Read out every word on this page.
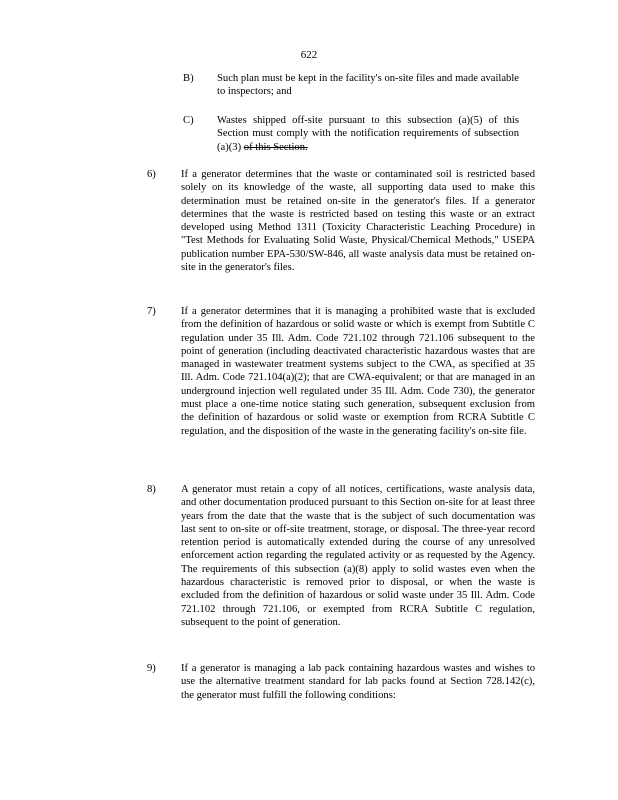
622
B) Such plan must be kept in the facility's on-site files and made available to inspectors; and
C) Wastes shipped off-site pursuant to this subsection (a)(5) of this Section must comply with the notification requirements of subsection (a)(3) of this Section.
6) If a generator determines that the waste or contaminated soil is restricted based solely on its knowledge of the waste, all supporting data used to make this determination must be retained on-site in the generator's files. If a generator determines that the waste is restricted based on testing this waste or an extract developed using Method 1311 (Toxicity Characteristic Leaching Procedure) in "Test Methods for Evaluating Solid Waste, Physical/Chemical Methods," USEPA publication number EPA-530/SW-846, all waste analysis data must be retained on-site in the generator's files.
7) If a generator determines that it is managing a prohibited waste that is excluded from the definition of hazardous or solid waste or which is exempt from Subtitle C regulation under 35 Ill. Adm. Code 721.102 through 721.106 subsequent to the point of generation (including deactivated characteristic hazardous wastes that are managed in wastewater treatment systems subject to the CWA, as specified at 35 Ill. Adm. Code 721.104(a)(2); that are CWA-equivalent; or that are managed in an underground injection well regulated under 35 Ill. Adm. Code 730), the generator must place a one-time notice stating such generation, subsequent exclusion from the definition of hazardous or solid waste or exemption from RCRA Subtitle C regulation, and the disposition of the waste in the generating facility's on-site file.
8) A generator must retain a copy of all notices, certifications, waste analysis data, and other documentation produced pursuant to this Section on-site for at least three years from the date that the waste that is the subject of such documentation was last sent to on-site or off-site treatment, storage, or disposal. The three-year record retention period is automatically extended during the course of any unresolved enforcement action regarding the regulated activity or as requested by the Agency. The requirements of this subsection (a)(8) apply to solid wastes even when the hazardous characteristic is removed prior to disposal, or when the waste is excluded from the definition of hazardous or solid waste under 35 Ill. Adm. Code 721.102 through 721.106, or exempted from RCRA Subtitle C regulation, subsequent to the point of generation.
9) If a generator is managing a lab pack containing hazardous wastes and wishes to use the alternative treatment standard for lab packs found at Section 728.142(c), the generator must fulfill the following conditions:
